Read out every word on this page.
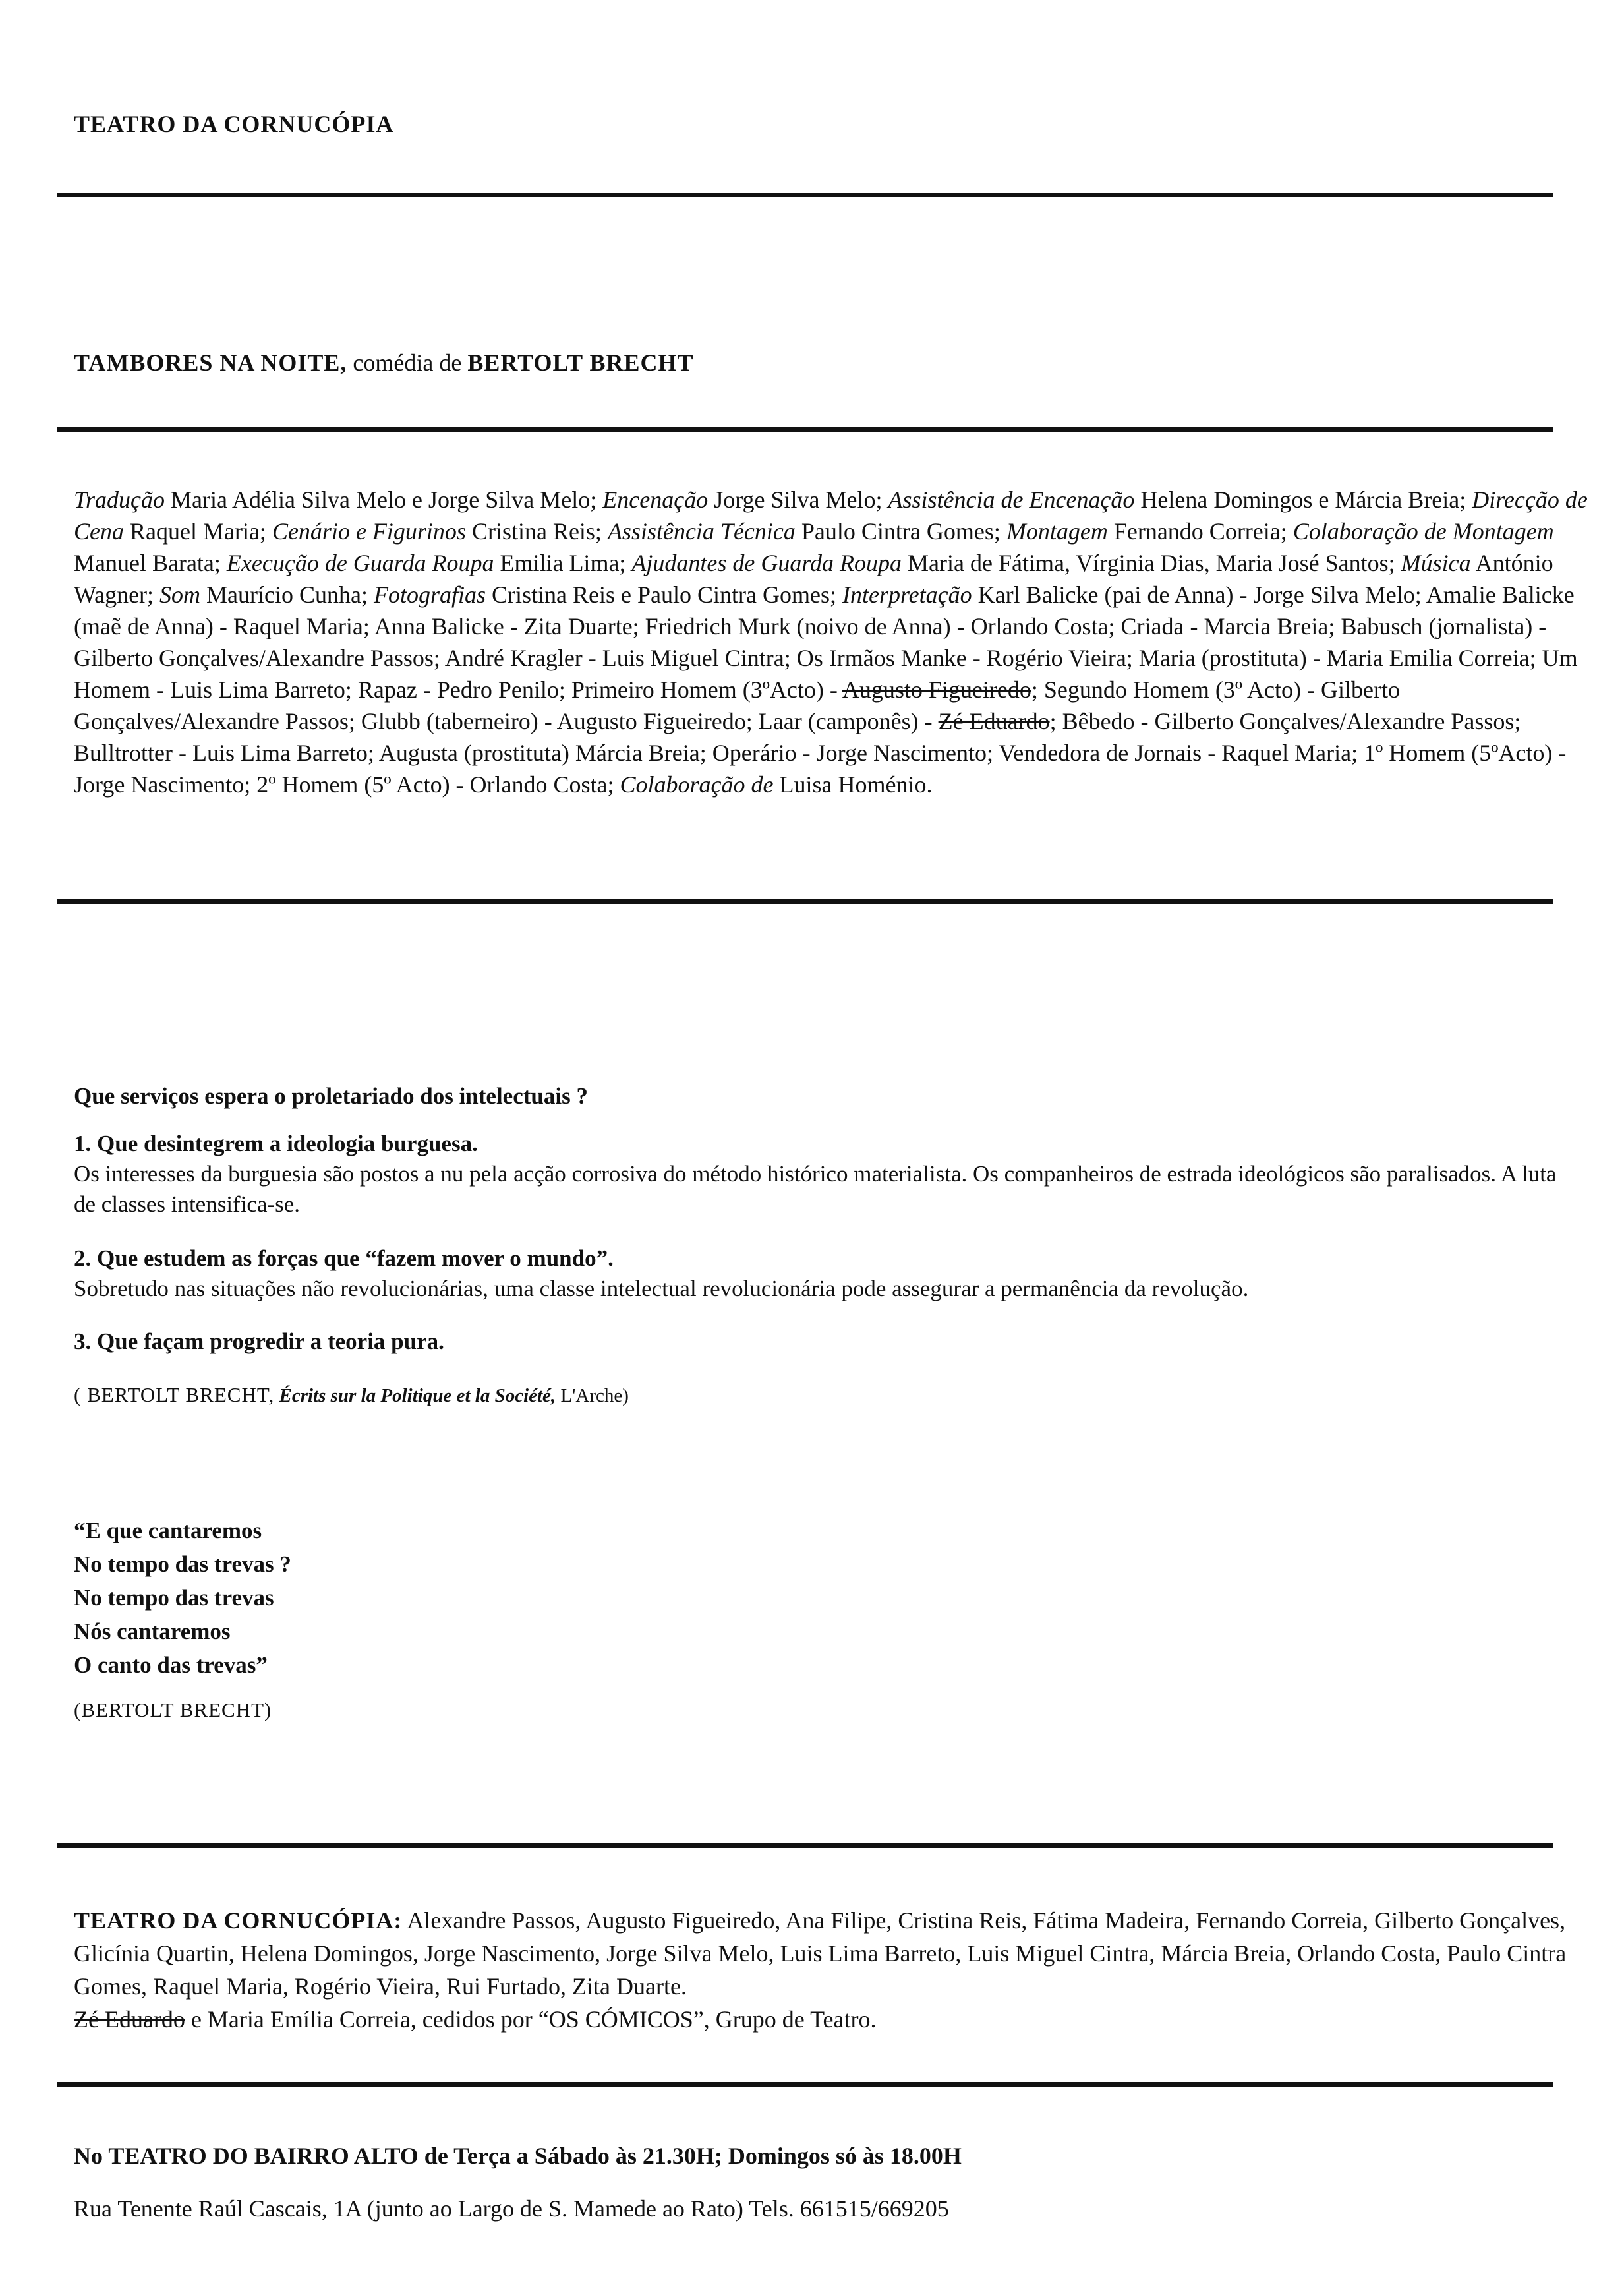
TEATRO DA CORNUCÓPIA
TAMBORES NA NOITE, comédia de BERTOLT BRECHT
Tradução Maria Adélia Silva Melo e Jorge Silva Melo; Encenação Jorge Silva Melo; Assistência de Encenação Helena Domingos e Márcia Breia; Direcção de Cena Raquel Maria; Cenário e Figurinos Cristina Reis; Assistência Técnica Paulo Cintra Gomes; Montagem Fernando Correia; Colaboração de Montagem Manuel Barata; Execução de Guarda Roupa Emilia Lima; Ajudantes de Guarda Roupa Maria de Fátima, Vírginia Dias, Maria José Santos; Música António Wagner; Som Maurício Cunha; Fotografias Cristina Reis e Paulo Cintra Gomes; Interpretação Karl Balicke (pai de Anna) - Jorge Silva Melo; Amalie Balicke (maẽ de Anna) - Raquel Maria; Anna Balicke - Zita Duarte; Friedrich Murk (noivo de Anna) - Orlando Costa; Criada - Marcia Breia; Babusch (jornalista) - Gilberto Gonçalves/Alexandre Passos; André Kragler - Luis Miguel Cintra; Os Irmãos Manke - Rogério Vieira; Maria (prostituta) - Maria Emilia Correia; Um Homem - Luis Lima Barreto; Rapaz - Pedro Penilo; Primeiro Homem (3ºActo) - Augusto Figueiredo; Segundo Homem (3º Acto) - Gilberto Gonçalves/Alexandre Passos; Glubb (taberneiro) - Augusto Figueiredo; Laar (camponês) - Zé Eduardo; Bêbedo - Gilberto Gonçalves/Alexandre Passos; Bulltrotter - Luis Lima Barreto; Augusta (prostituta) Márcia Breia; Operário - Jorge Nascimento; Vendedora de Jornais - Raquel Maria; 1º Homem (5ºActo) - Jorge Nascimento; 2º Homem (5º Acto) - Orlando Costa; Colaboração de Luisa Homénio.
Que serviços espera o proletariado dos intelectuais ?
1. Que desintegrem a ideologia burguesa.
Os interesses da burguesia são postos a nu pela acção corrosiva do método histórico materialista. Os companheiros de estrada ideológicos são paralisados. A luta de classes intensifica-se.
2. Que estudem as forças que “fazem mover o mundo”.
Sobretudo nas situações não revolucionárias, uma classe intelectual revolucionária pode assegurar a permanência da revolução.
3. Que façam progredir a teoria pura.
( BERTOLT BRECHT, Écrits sur la Politique et la Société, L'Arche)
“E que cantaremos
No tempo das trevas ?
No tempo das trevas
Nós cantaremos
O canto das trevas”
(BERTOLT BRECHT)
TEATRO DA CORNUCÓPIA: Alexandre Passos, Augusto Figueiredo, Ana Filipe, Cristina Reis, Fátima Madeira, Fernando Correia, Gilberto Gonçalves, Glicínia Quartin, Helena Domingos, Jorge Nascimento, Jorge Silva Melo, Luis Lima Barreto, Luis Miguel Cintra, Márcia Breia, Orlando Costa, Paulo Cintra Gomes, Raquel Maria, Rogério Vieira, Rui Furtado, Zita Duarte.
Zé Eduardo e Maria Emília Correia, cedidos por “OS CÓMICOS”, Grupo de Teatro.
No TEATRO DO BAIRRO ALTO de Terça a Sábado às 21.30H; Domingos só às 18.00H
Rua Tenente Raúl Cascais, 1A (junto ao Largo de S. Mamede ao Rato) Tels. 661515/669205
